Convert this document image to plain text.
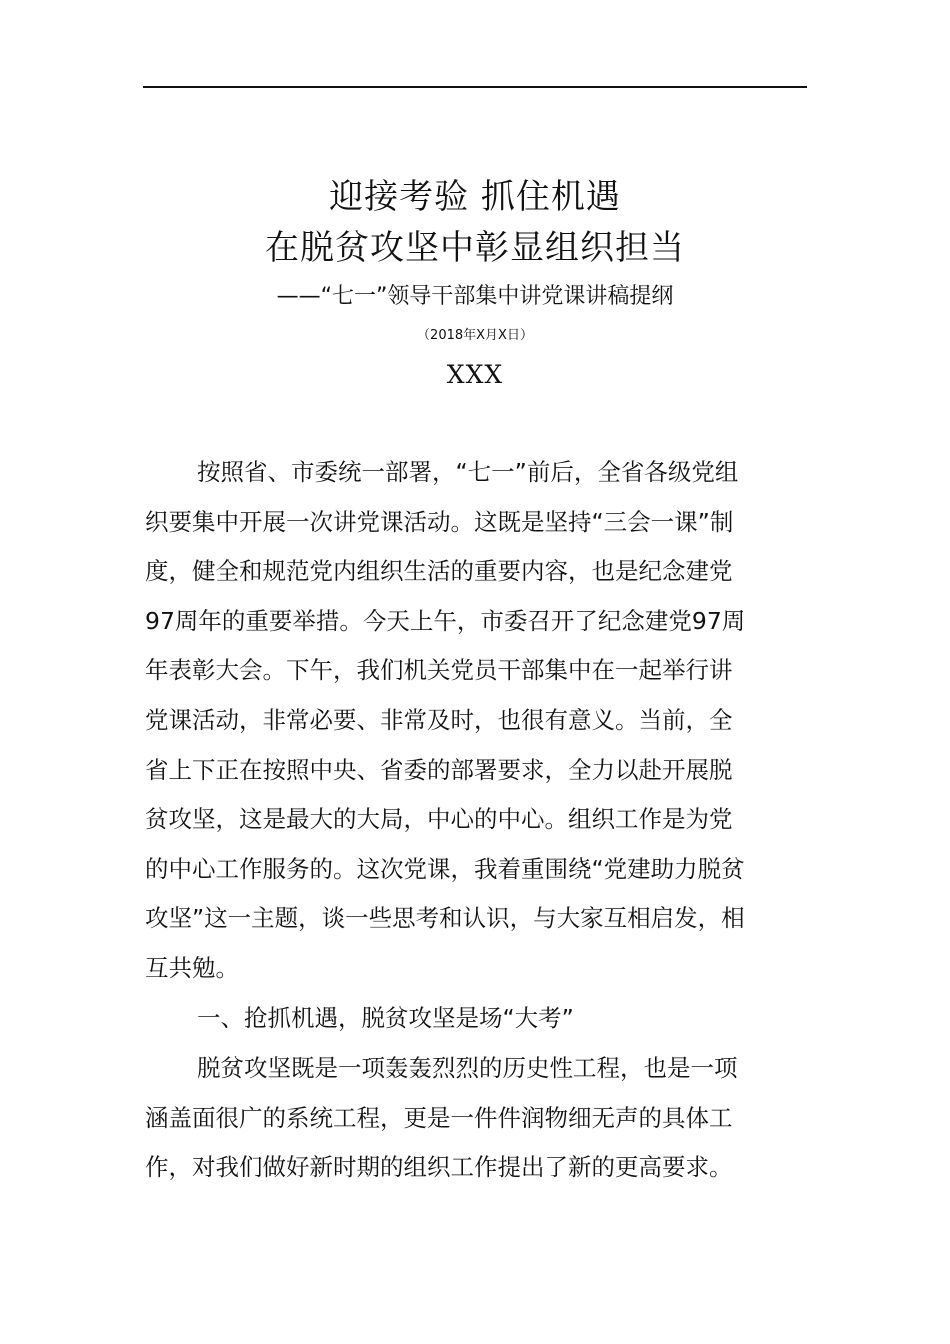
迎接考验 抓住机遇
在脱贫攻坚中彰显组织担当
——“七一”领导干部集中讲党课讲稿提纲
（2018年X月X日）
XXX
按照省、市委统一部署，“七一”前后，全省各级党组
织要集中开展一次讲党课活动。这既是坚持“三会一课”制
度，健全和规范党内组织生活的重要内容，也是纪念建党
97周年的重要举措。今天上午，市委召开了纪念建党97周
年表彰大会。下午，我们机关党员干部集中在一起举行讲
党课活动，非常必要、非常及时，也很有意义。当前，全
省上下正在按照中央、省委的部署要求，全力以赴开展脱
贫攻坚，这是最大的大局，中心的中心。组织工作是为党
的中心工作服务的。这次党课，我着重围绕“党建助力脱贫
攻坚”这一主题，谈一些思考和认识，与大家互相启发，相
互共勉。
一、抢抓机遇，脱贫攻坚是场“大考”
脱贫攻坚既是一项轰轰烈烈的历史性工程，也是一项
涵盖面很广的系统工程，更是一件件润物细无声的具体工
作，对我们做好新时期的组织工作提出了新的更高要求。
